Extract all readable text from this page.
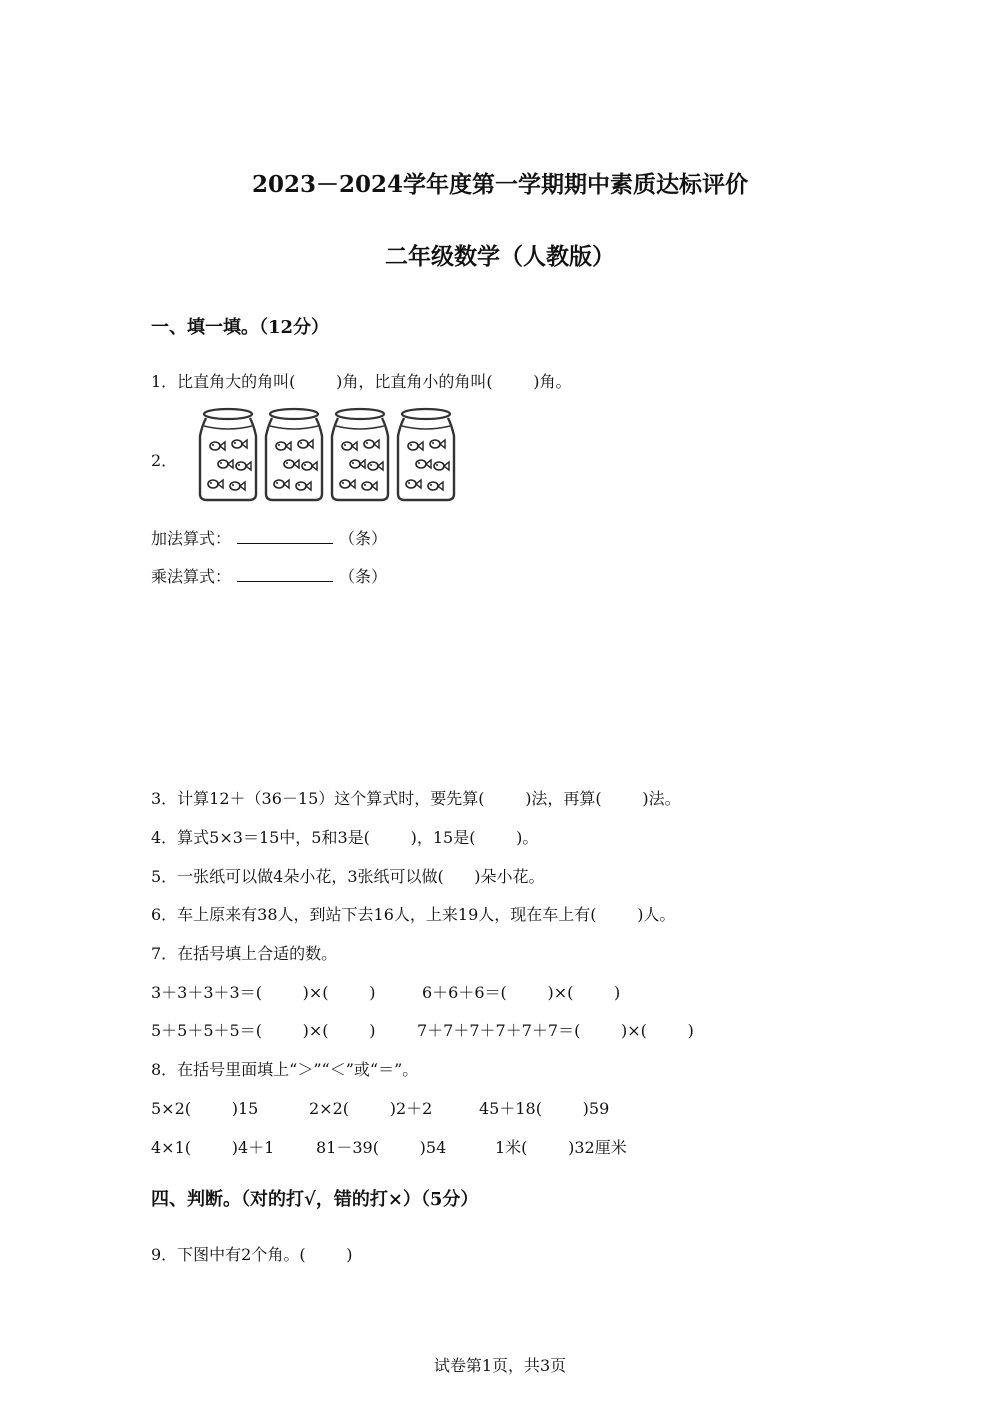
2023－2024学年度第一学期期中素质达标评价
二年级数学（人教版）
一、填一填。（12分）
1．比直角大的角叫(        )角，比直角小的角叫(        )角。
2．
加法算式：	（条）
乘法算式：	（条）
3．计算12＋（36－15）这个算式时，要先算(        )法，再算(        )法。
4．算式5×3＝15中，5和3是(        )，15是(        )。
5．一张纸可以做4朵小花，3张纸可以做(      )朵小花。
6．车上原来有38人，到站下去16人，上来19人，现在车上有(        )人。
7．在括号填上合适的数。
3＋3＋3＋3＝(        )×(        )	6＋6＋6＝(        )×(        )
5＋5＋5＋5＝(        )×(        )	7＋7＋7＋7＋7＋7＝(        )×(        )
8．在括号里面填上“＞”“＜”或“＝”。
5×2(        )15	2×2(        )2＋2	45＋18(        )59
4×1(        )4＋1	81－39(        )54	1米(        )32厘米
四、判断。（对的打√，错的打×）（5分）
9．下图中有2个角。(        )
试卷第1页，共3页
